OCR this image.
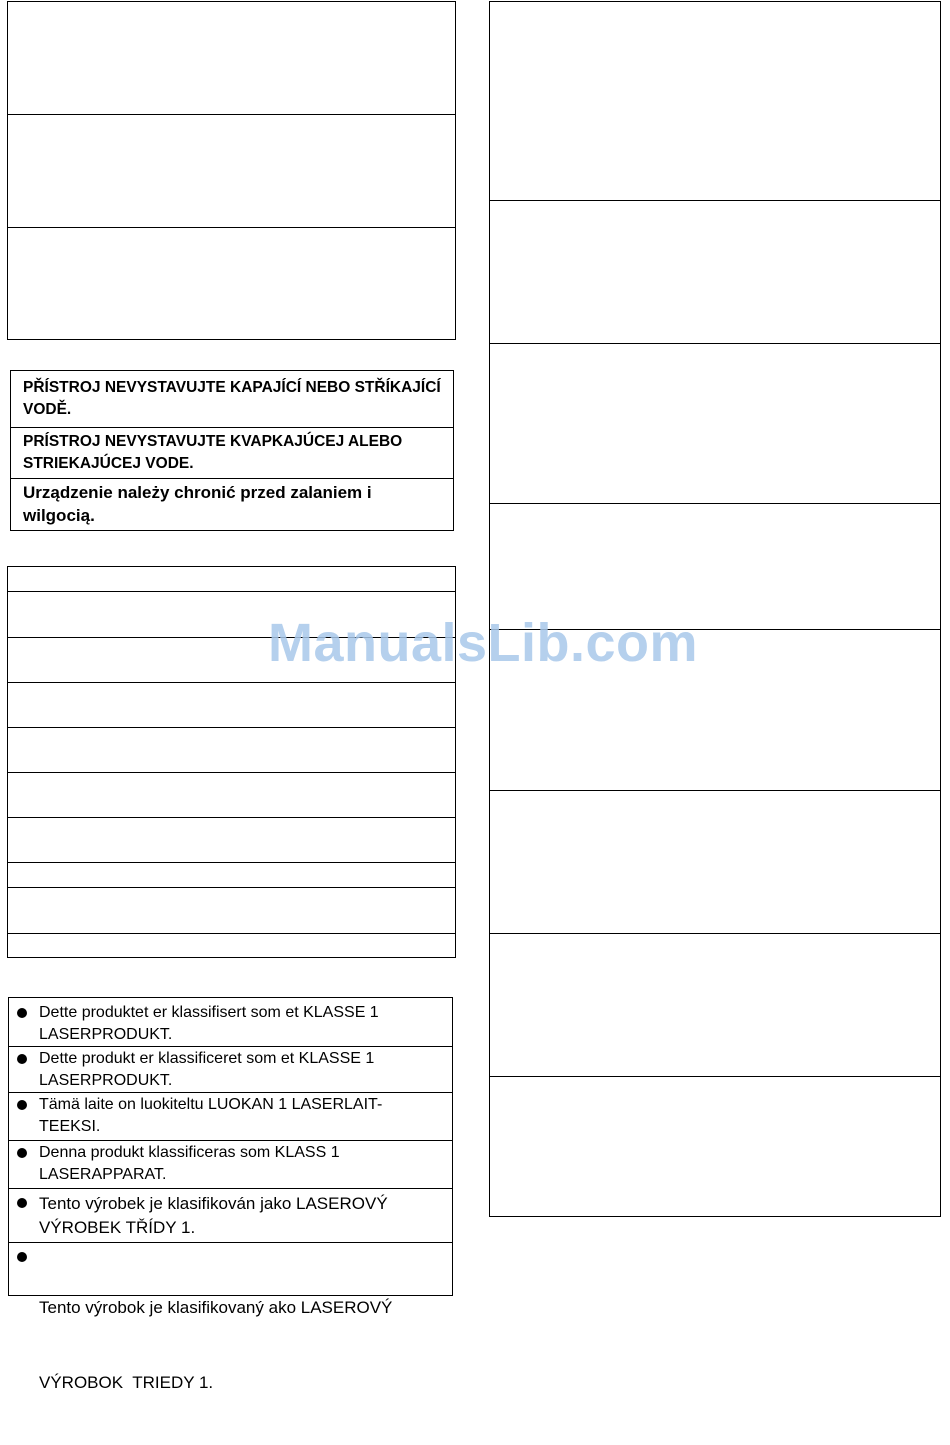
PŘÍSTROJ NEVYSTAVUJTE KAPAJÍCÍ NEBO STŘÍKAJÍCÍ VODĚ.
PRÍSTROJ NEVYSTAVUJTE KVAPKAJÚCEJ ALEBO STRIEKAJÚCEJ VODE.
Urządzenie należy chronić przed zalaniem i wilgocią.
Dette produktet er klassifisert som et KLASSE 1
LASERPRODUKT.
Dette produkt er klassificeret som et KLASSE 1
LASERPRODUKT.
Tämä laite on luokiteltu LUOKAN 1 LASERLAIT-
TEEKSI.
Denna produkt klassificeras som KLASS 1
LASERAPPARAT.
Tento výrobek je klasifikován jako LASEROVÝ
VÝROBEK TŘÍDY 1.

Tento výrobok je klasifikovaný ako LASEROVÝ

VÝROBOK  TRIEDY 1.

ManualsLib.com
